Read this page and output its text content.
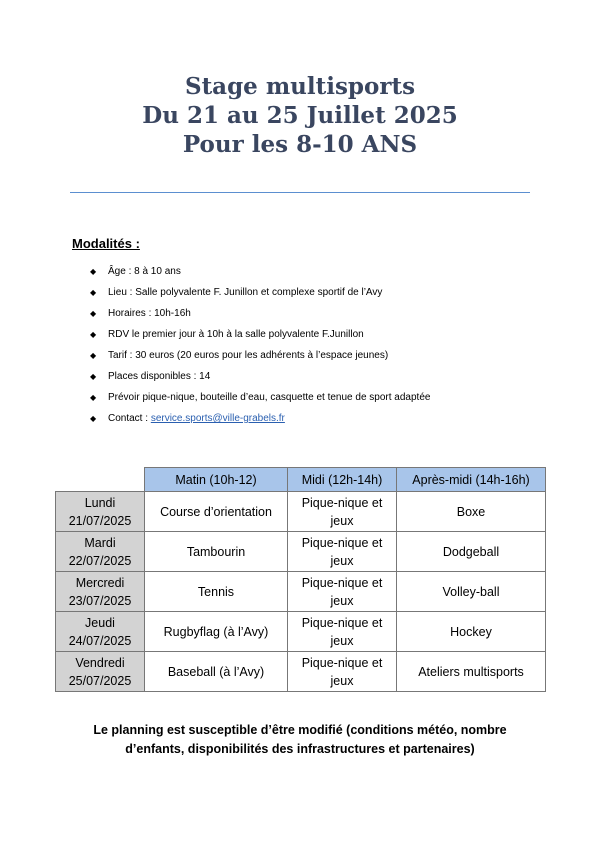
Stage multisports
Du 21 au 25 Juillet 2025
Pour les 8-10 ANS
Modalités :
◆ Âge : 8 à 10 ans
◆ Lieu : Salle polyvalente F. Junillon et complexe sportif de l’Avy
◆ Horaires : 10h-16h
◆ RDV le premier jour à 10h à la salle polyvalente F.Junillon
◆ Tarif : 30 euros (20 euros pour les adhérents à l’espace jeunes)
◆ Places disponibles : 14
◆ Prévoir pique-nique, bouteille d’eau, casquette et tenue de sport adaptée
◆ Contact : service.sports@ville-grabels.fr
	Matin (10h-12)	Midi (12h-14h)	Après-midi (14h-16h)

Lundi
21/07/2025	Course d’orientation	Pique-nique et jeux	Boxe

Mardi
22/07/2025	Tambourin	Pique-nique et jeux	Dodgeball

Mercredi
23/07/2025	Tennis	Pique-nique et jeux	Volley-ball

Jeudi
24/07/2025	Rugbyflag (à l’Avy)	Pique-nique et jeux	Hockey

Vendredi
25/07/2025	Baseball (à l’Avy)	Pique-nique et jeux	Ateliers multisports
Le planning est susceptible d’être modifié (conditions météo, nombre
d’enfants, disponibilités des infrastructures et partenaires)
